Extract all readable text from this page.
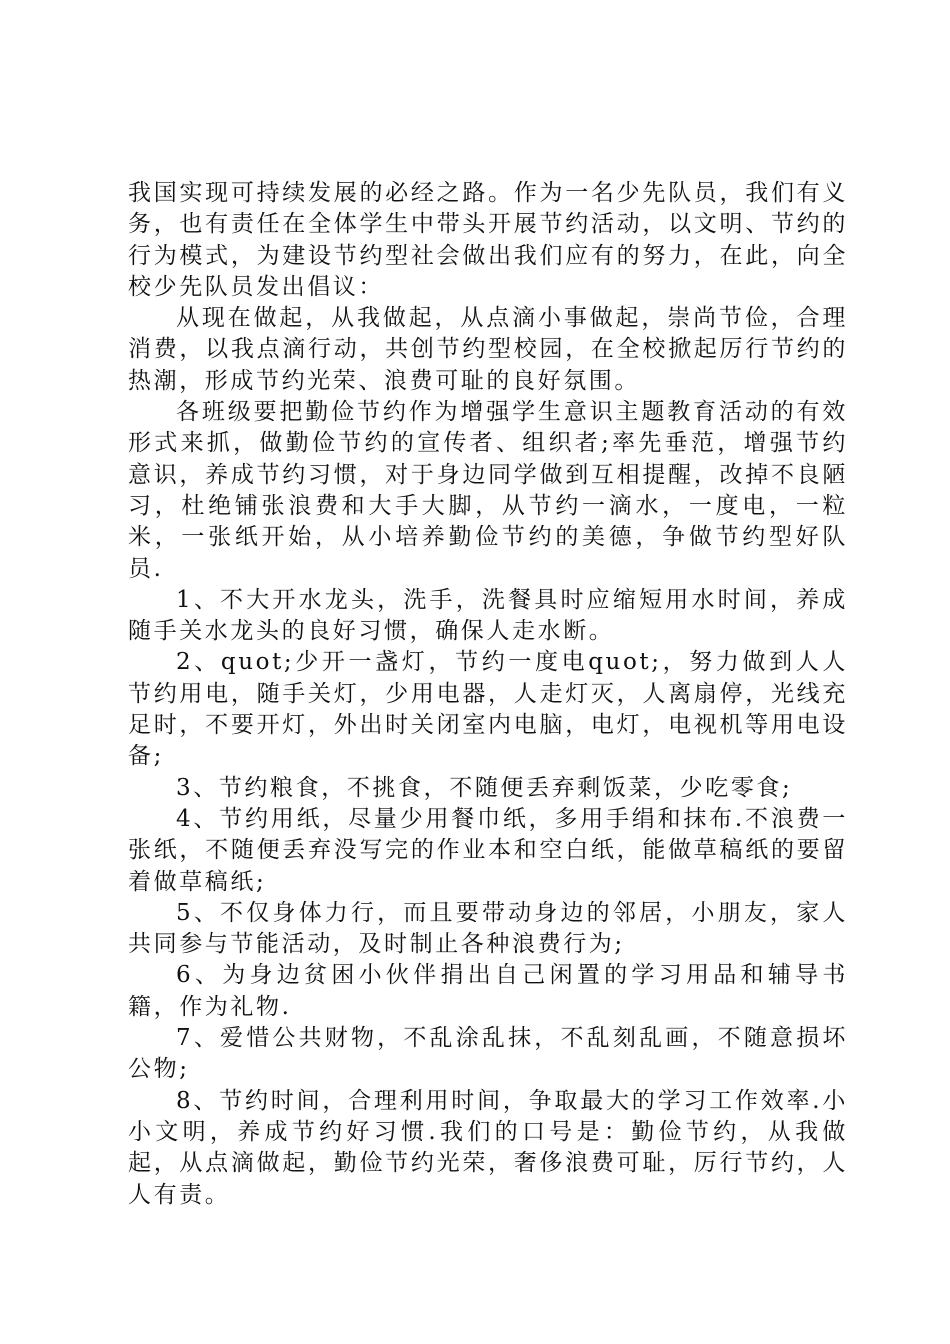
我国实现可持续发展的必经之路。作为一名少先队员，我们有义务，也有责任在全体学生中带头开展节约活动，以文明、节约的行为模式，为建设节约型社会做出我们应有的努力，在此，向全校少先队员发出倡议：

从现在做起，从我做起，从点滴小事做起，崇尚节俭，合理消费，以我点滴行动，共创节约型校园，在全校掀起厉行节约的热潮，形成节约光荣、浪费可耻的良好氛围。

各班级要把勤俭节约作为增强学生意识主题教育活动的有效形式来抓，做勤俭节约的宣传者、组织者;率先垂范，增强节约意识，养成节约习惯，对于身边同学做到互相提醒，改掉不良陋习，杜绝铺张浪费和大手大脚，从节约一滴水，一度电，一粒米，一张纸开始，从小培养勤俭节约的美德，争做节约型好队员.

1、不大开水龙头，洗手，洗餐具时应缩短用水时间，养成随手关水龙头的良好习惯，确保人走水断。

2、quot;少开一盏灯，节约一度电quot;，努力做到人人节约用电，随手关灯，少用电器，人走灯灭，人离扇停，光线充足时，不要开灯，外出时关闭室内电脑，电灯，电视机等用电设备;

3、节约粮食，不挑食，不随便丢弃剩饭菜，少吃零食;

4、节约用纸，尽量少用餐巾纸，多用手绢和抹布.不浪费一张纸，不随便丢弃没写完的作业本和空白纸，能做草稿纸的要留着做草稿纸;

5、不仅身体力行，而且要带动身边的邻居，小朋友，家人共同参与节能活动，及时制止各种浪费行为;

6、为身边贫困小伙伴捐出自己闲置的学习用品和辅导书籍，作为礼物.

7、爱惜公共财物，不乱涂乱抹，不乱刻乱画，不随意损坏公物;

8、节约时间，合理利用时间，争取最大的学习工作效率.小小文明，养成节约好习惯.我们的口号是：勤俭节约，从我做起，从点滴做起，勤俭节约光荣，奢侈浪费可耻，厉行节约，人人有责。
